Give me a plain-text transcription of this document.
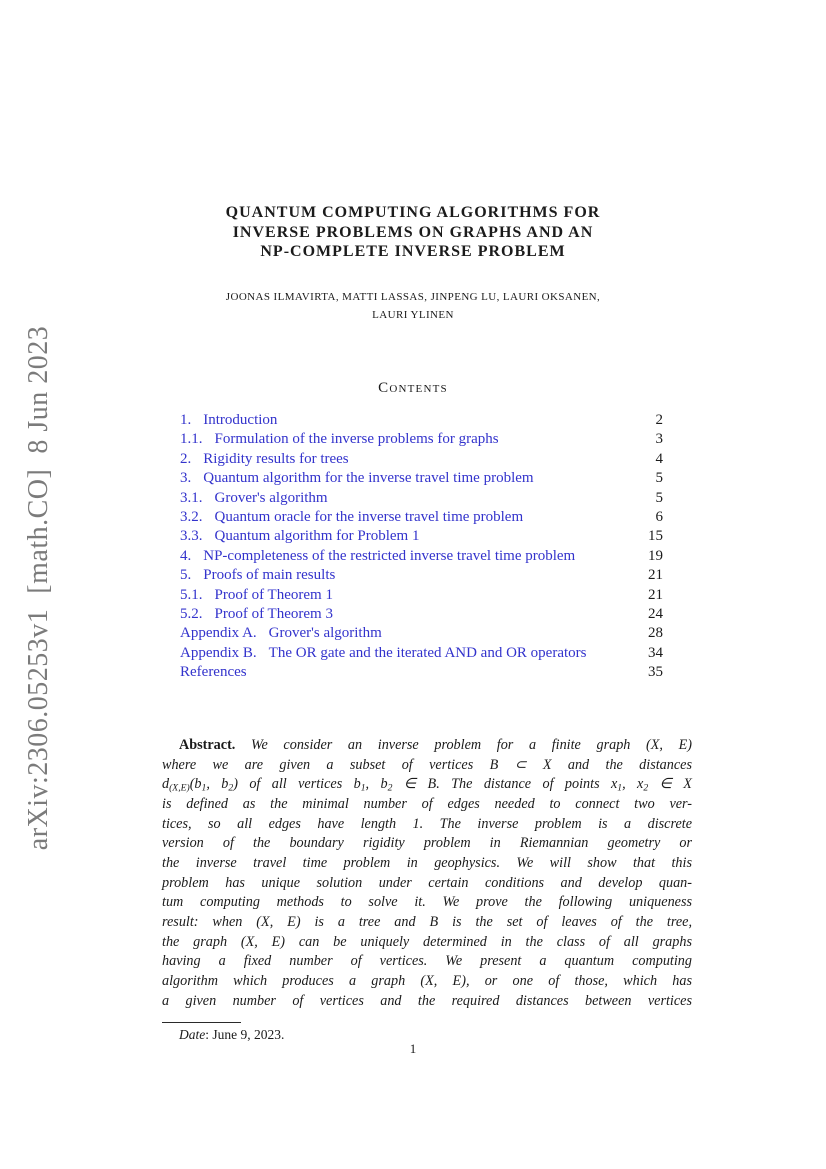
arXiv:2306.05253v1  [math.CO]  8 Jun 2023
QUANTUM COMPUTING ALGORITHMS FOR
INVERSE PROBLEMS ON GRAPHS AND AN
NP-COMPLETE INVERSE PROBLEM
JOONAS ILMAVIRTA, MATTI LASSAS, JINPENG LU, LAURI OKSANEN,
LAURI YLINEN
Contents
1. Introduction	2
1.1. Formulation of the inverse problems for graphs	3
2. Rigidity results for trees	4
3. Quantum algorithm for the inverse travel time problem	5
3.1. Grover's algorithm	5
3.2. Quantum oracle for the inverse travel time problem	6
3.3. Quantum algorithm for Problem 1	15
4. NP-completeness of the restricted inverse travel time problem	19
5. Proofs of main results	21
5.1. Proof of Theorem 1	21
5.2. Proof of Theorem 3	24
Appendix A. Grover's algorithm	28
Appendix B. The OR gate and the iterated AND and OR operators	34
References	35
Abstract. We consider an inverse problem for a finite graph (X, E)
where we are given a subset of vertices B ⊂ X and the distances
$d_{(X,E)}(b_1$, $b_2$) of all vertices $b_1$, $b_2$ ∈ B. The distance of points $x_1$, $x_2$ ∈ X
is defined as the minimal number of edges needed to connect two ver-
tices, so all edges have length 1. The inverse problem is a discrete
version of the boundary rigidity problem in Riemannian geometry or
the inverse travel time problem in geophysics. We will show that this
problem has unique solution under certain conditions and develop quan-
tum computing methods to solve it. We prove the following uniqueness
result: when (X, E) is a tree and B is the set of leaves of the tree,
the graph (X, E) can be uniquely determined in the class of all graphs
having a fixed number of vertices. We present a quantum computing
algorithm which produces a graph (X, E), or one of those, which has
a given number of vertices and the required distances between vertices
Date: June 9, 2023.
1
